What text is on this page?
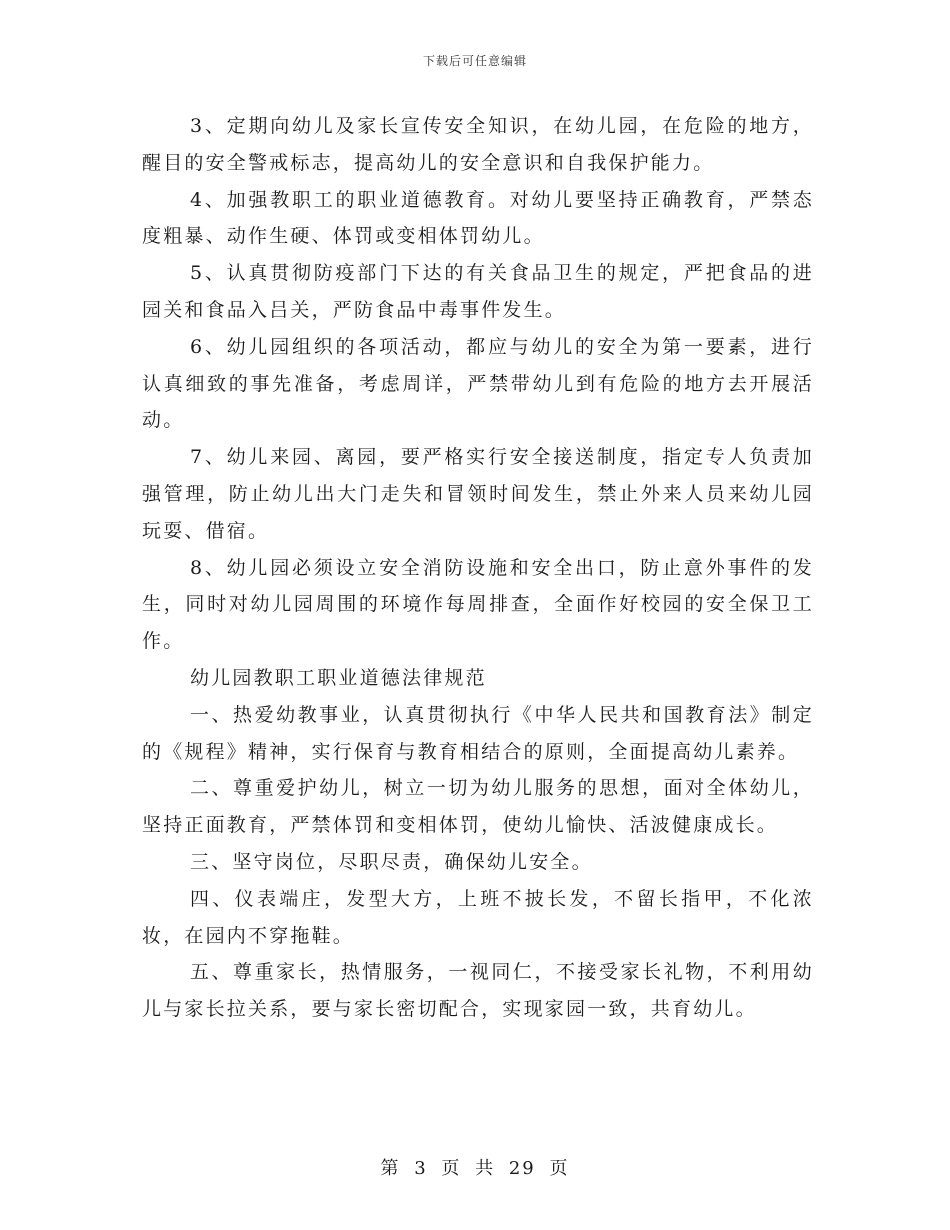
下载后可任意编辑

3、定期向幼儿及家长宣传安全知识，在幼儿园，在危险的地方，醒目的安全警戒标志，提高幼儿的安全意识和自我保护能力。

4、加强教职工的职业道德教育。对幼儿要坚持正确教育，严禁态度粗暴、动作生硬、体罚或变相体罚幼儿。

5、认真贯彻防疫部门下达的有关食品卫生的规定，严把食品的进园关和食品入吕关，严防食品中毒事件发生。

6、幼儿园组织的各项活动，都应与幼儿的安全为第一要素，进行认真细致的事先准备，考虑周详，严禁带幼儿到有危险的地方去开展活动。

7、幼儿来园、离园，要严格实行安全接送制度，指定专人负责加强管理，防止幼儿出大门走失和冒领时间发生，禁止外来人员来幼儿园玩耍、借宿。

8、幼儿园必须设立安全消防设施和安全出口，防止意外事件的发生，同时对幼儿园周围的环境作每周排查，全面作好校园的安全保卫工作。

幼儿园教职工职业道德法律规范

一、热爱幼教事业，认真贯彻执行《中华人民共和国教育法》制定的《规程》精神，实行保育与教育相结合的原则，全面提高幼儿素养。

二、尊重爱护幼儿，树立一切为幼儿服务的思想，面对全体幼儿，坚持正面教育，严禁体罚和变相体罚，使幼儿愉快、活波健康成长。

三、坚守岗位，尽职尽责，确保幼儿安全。

四、仪表端庄，发型大方，上班不披长发，不留长指甲，不化浓妆，在园内不穿拖鞋。

五、尊重家长，热情服务，一视同仁，不接受家长礼物，不利用幼儿与家长拉关系，要与家长密切配合，实现家园一致，共育幼儿。

第 3 页 共 29 页
